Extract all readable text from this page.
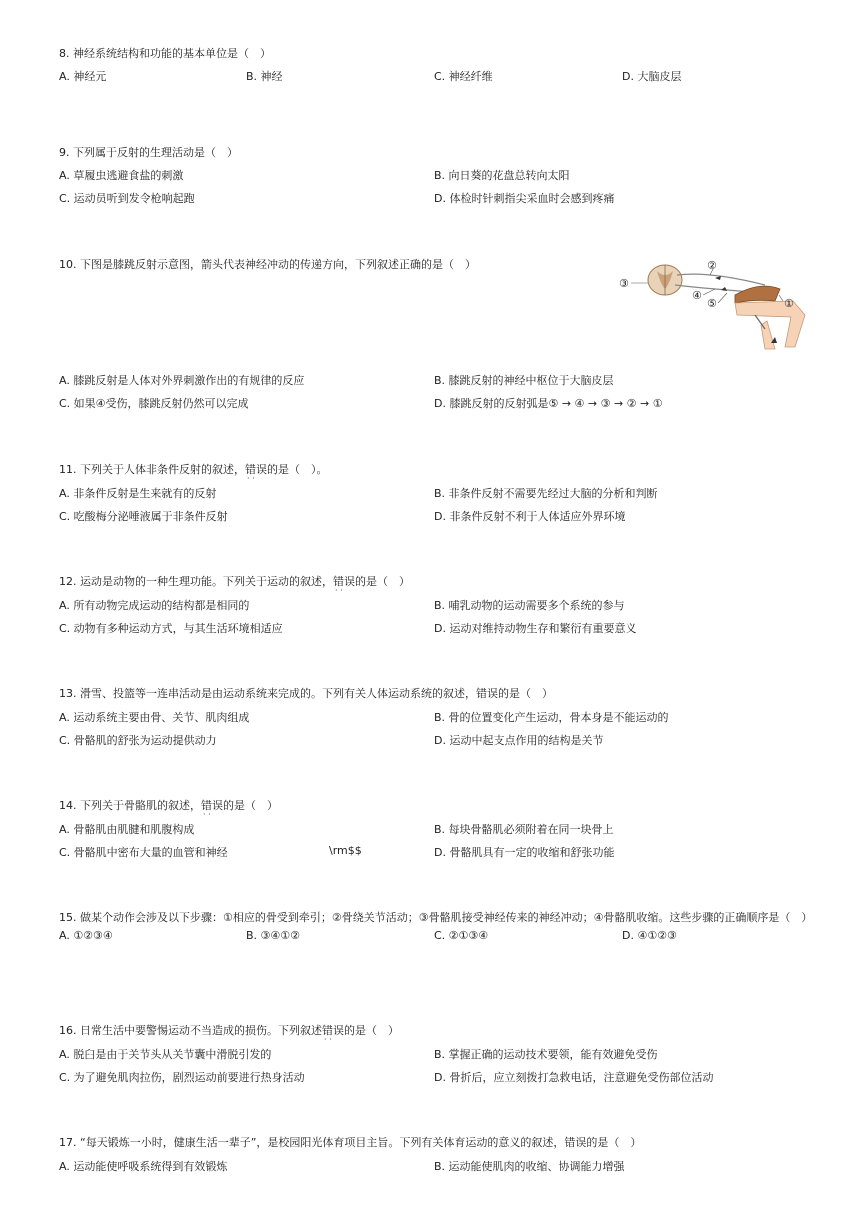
8. 神经系统结构和功能的基本单位是（　）
A. 神经元	B. 神经	C. 神经纤维	D. 大脑皮层
9. 下列属于反射的生理活动是（　）
A. 草履虫逃避食盐的刺激	B. 向日葵的花盘总转向太阳
C. 运动员听到发令枪响起跑	D. 体检时针刺指尖采血时会感到疼痛
10. 下图是膝跳反射示意图，箭头代表神经冲动的传递方向，下列叙述正确的是（　）
③
②
④
⑤	①
A. 膝跳反射是人体对外界刺激作出的有规律的反应	B. 膝跳反射的神经中枢位于大脑皮层
C. 如果④受伤，膝跳反射仍然可以完成	D. 膝跳反射的反射弧是⑤ → ④ → ③ → ② → ①
11. 下列关于人体非条件反射的叙述，错误 · ·的是（　）。
A. 非条件反射是生来就有的反射	B. 非条件反射不需要先经过大脑的分析和判断
C. 吃酸梅分泌唾液属于非条件反射	D. 非条件反射不利于人体适应外界环境
12. 运动是动物的一种生理功能。下列关于运动的叙述，错误 · ·的是（　）
A. 所有动物完成运动的结构都是相同的	B. 哺乳动物的运动需要多个系统的参与
C. 动物有多种运动方式，与其生活环境相适应	D. 运动对维持动物生存和繁衍有重要意义
13. 滑雪、投篮等一连串活动是由运动系统来完成的。下列有关人体运动系统的叙述，错误的是（　）
A. 运动系统主要由骨、关节、肌肉组成	B. 骨的位置变化产生运动，骨本身是不能运动的
C. 骨骼肌的舒张为运动提供动力	D. 运动中起支点作用的结构是关节
14. 下列关于骨骼肌的叙述，错误 · ·的是（　）
A. 骨骼肌由肌腱和肌腹构成	B. 每块骨骼肌必须附着在同一块骨上
C. 骨骼肌中密布大量的血管和神经	\rm$$	D. 骨骼肌具有一定的收缩和舒张功能
15. 做某个动作会涉及以下步骤：①相应的骨受到牵引；②骨绕关节活动；③骨骼肌接受神经传来的神经冲动；④骨骼肌收缩。这些步骤的正确顺序是（　）
A. ①②③④	B. ③④①②	C. ②①③④	D. ④①②③
16. 日常生活中要警惕运动不当造成的损伤。下列叙述错误 · ·的是（　）
A. 脱臼是由于关节头从关节囊中滑脱引发的	B. 掌握正确的运动技术要领，能有效避免受伤
C. 为了避免肌肉拉伤，剧烈运动前要进行热身活动	D. 骨折后，应立刻拨打急救电话，注意避免受伤部位活动
17. “每天锻炼一小时，健康生活一辈子”，是校园阳光体育项目主旨。下列有关体育运动的意义的叙述，错误的是（　）
A. 运动能使呼吸系统得到有效锻炼	B. 运动能使肌肉的收缩、协调能力增强
